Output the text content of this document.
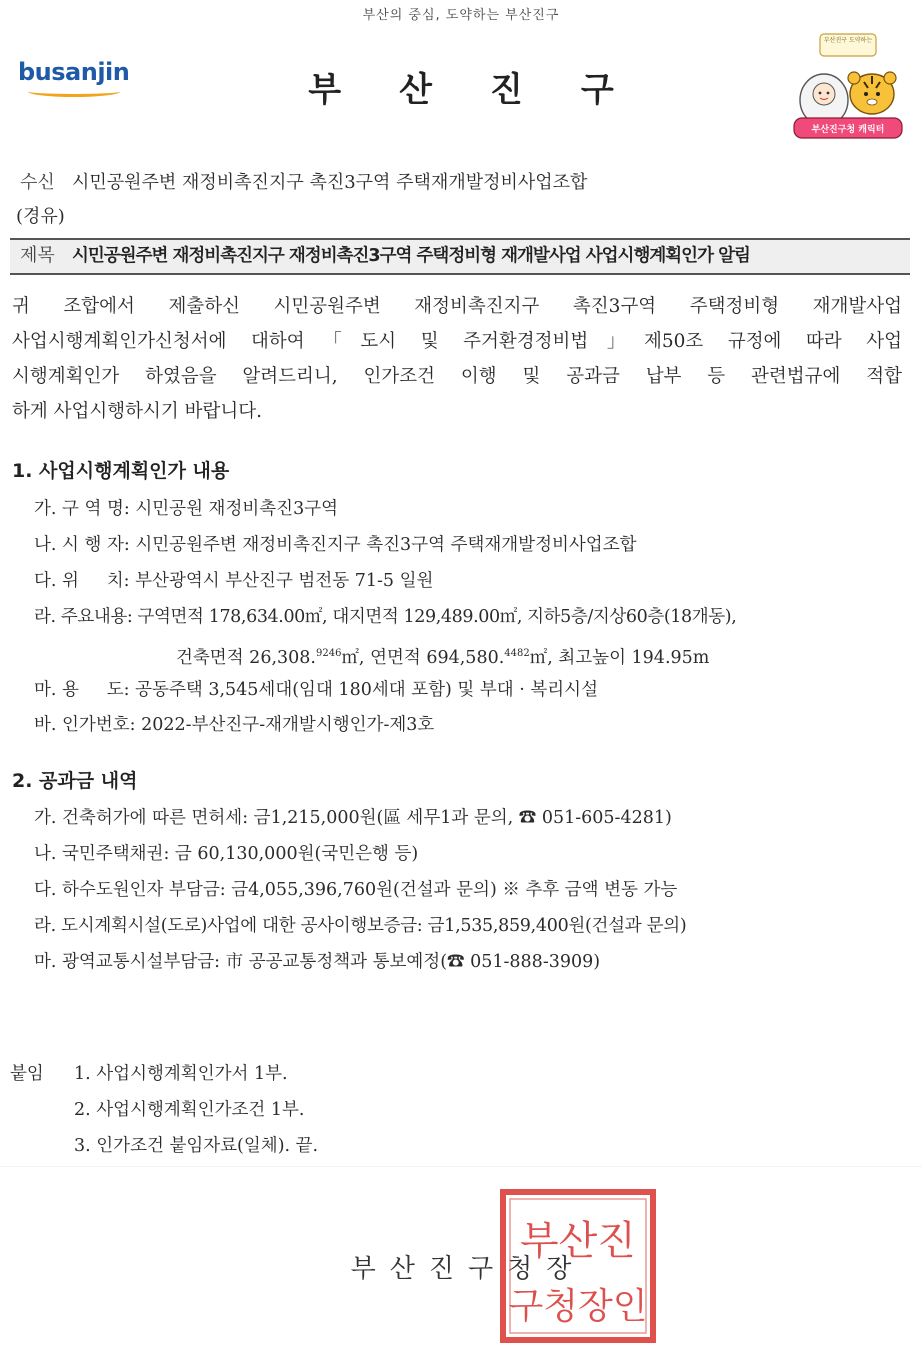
부산의 중심, 도약하는 부산진구
busanjin	부산진구
부산진구 도약하는
부산진구청 캐릭터
수신 시민공원주변 재정비촉진지구 촉진3구역 주택재개발정비사업조합
(경유)
제목 시민공원주변 재정비촉진지구 재정비촉진3구역 주택정비형 재개발사업 사업시행계획인가 알림
귀 조합에서 제출하신 시민공원주변 재정비촉진지구 촉진3구역 주택정비형 재개발사업
사업시행계획인가신청서에 대하여「도시 및 주거환경정비법」제50조 규정에 따라 사업
시행계획인가 하였음을 알려드리니, 인가조건 이행 및 공과금 납부 등 관련법규에 적합
하게 사업시행하시기 바랍니다.
1. 사업시행계획인가 내용
가. 구 역 명: 시민공원 재정비촉진3구역
나. 시 행 자: 시민공원주변 재정비촉진지구 촉진3구역 주택재개발정비사업조합
다. 위     치: 부산광역시 부산진구 범전동 71-5 일원
라. 주요내용: 구역면적 178,634.00㎡, 대지면적 129,489.00㎡, 지하5층/지상60층(18개동),
건축면적 26,308.$^{9246}$㎡, 연면적 694,580.$^{4482}$㎡, 최고높이 194.95m
마. 용     도: 공동주택 3,545세대(임대 180세대 포함) 및 부대 · 복리시설
바. 인가번호: 2022-부산진구-재개발시행인가-제3호
2. 공과금 내역
가. 건축허가에 따른 면허세: 금1,215,000원(區 세무1과 문의, ☎ 051-605-4281)
나. 국민주택채권: 금 60,130,000원(국민은행 등)
다. 하수도원인자 부담금: 금4,055,396,760원(건설과 문의) ※ 추후 금액 변동 가능
라. 도시계획시설(도로)사업에 대한 공사이행보증금: 금1,535,859,400원(건설과 문의)
마. 광역교통시설부담금: 市 공공교통정책과 통보예정(☎ 051-888-3909)
붙임 1. 사업시행계획인가서 1부.
2. 사업시행계획인가조건 1부.
3. 인가조건 붙임자료(일체). 끝.
부산진구청장
부산진
구청장인
